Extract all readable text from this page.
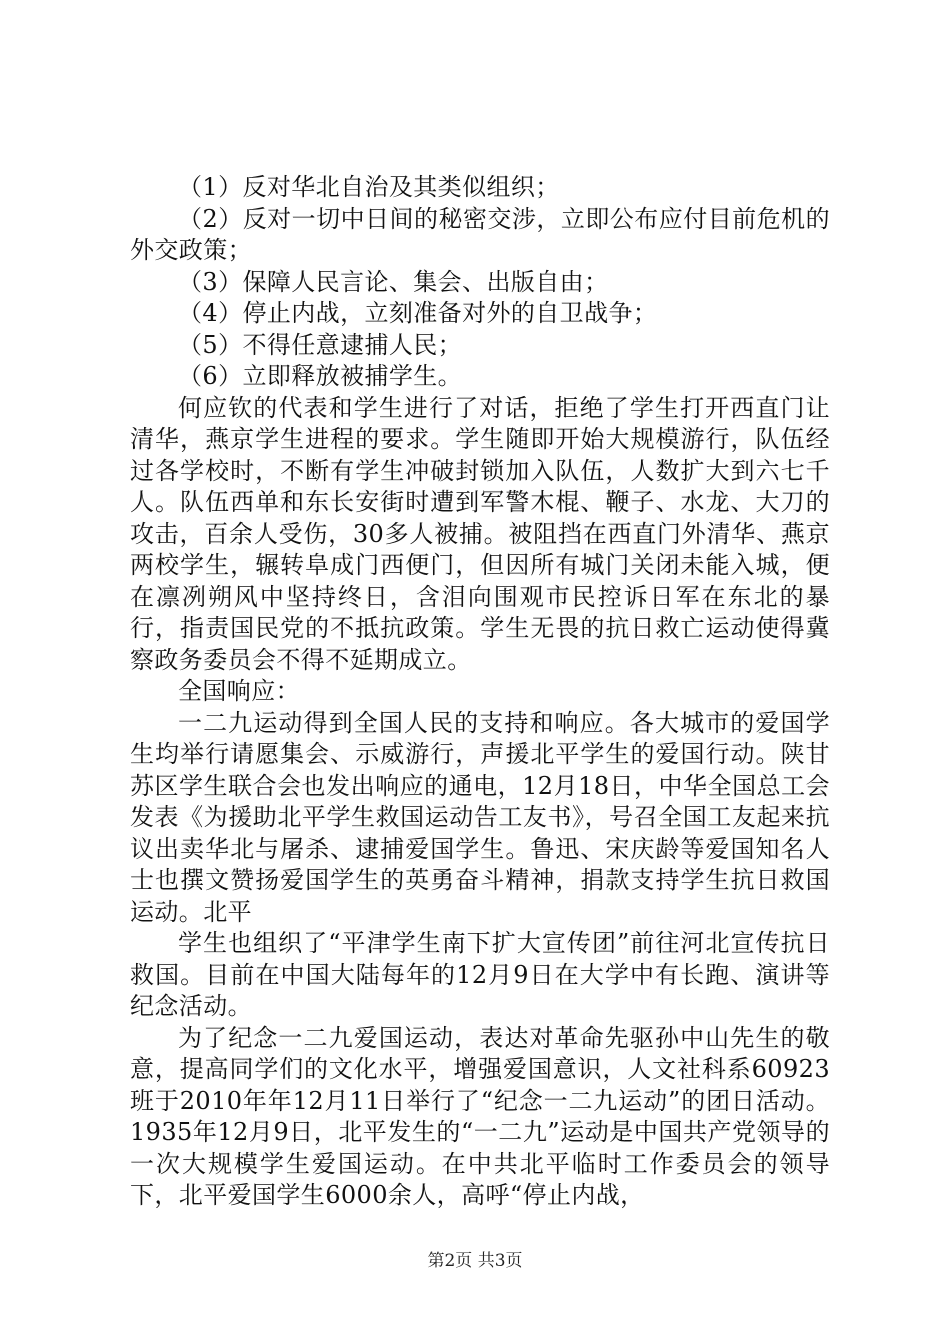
（1）反对华北自治及其类似组织；

（2）反对一切中日间的秘密交涉，立即公布应付目前危机的外交政策；

（3）保障人民言论、集会、出版自由；

（4）停止内战，立刻准备对外的自卫战争；

（5）不得任意逮捕人民；

（6）立即释放被捕学生。

何应钦的代表和学生进行了对话，拒绝了学生打开西直门让清华，燕京学生进程的要求。学生随即开始大规模游行，队伍经过各学校时，不断有学生冲破封锁加入队伍，人数扩大到六七千人。队伍西单和东长安街时遭到军警木棍、鞭子、水龙、大刀的攻击，百余人受伤，30多人被捕。被阻挡在西直门外清华、燕京两校学生，辗转阜成门西便门，但因所有城门关闭未能入城，便在凛冽朔风中坚持终日，含泪向围观市民控诉日军在东北的暴行，指责国民党的不抵抗政策。学生无畏的抗日救亡运动使得冀察政务委员会不得不延期成立。

全国响应：

一二九运动得到全国人民的支持和响应。各大城市的爱国学生均举行请愿集会、示威游行，声援北平学生的爱国行动。陕甘苏区学生联合会也发出响应的通电，12月18日，中华全国总工会发表《为援助北平学生救国运动告工友书》，号召全国工友起来抗议出卖华北与屠杀、逮捕爱国学生。鲁迅、宋庆龄等爱国知名人士也撰文赞扬爱国学生的英勇奋斗精神，捐款支持学生抗日救国运动。北平

学生也组织了“平津学生南下扩大宣传团”前往河北宣传抗日救国。目前在中国大陆每年的12月9日在大学中有长跑、演讲等纪念活动。

为了纪念一二九爱国运动，表达对革命先驱孙中山先生的敬意，提高同学们的文化水平，增强爱国意识，人文社科系60923班于2010年年12月11日举行了“纪念一二九运动”的团日活动。1935年12月9日，北平发生的“一二九”运动是中国共产党领导的一次大规模学生爱国运动。在中共北平临时工作委员会的领导下，北平爱国学生6000余人，高呼“停止内战，

第2页 共3页
